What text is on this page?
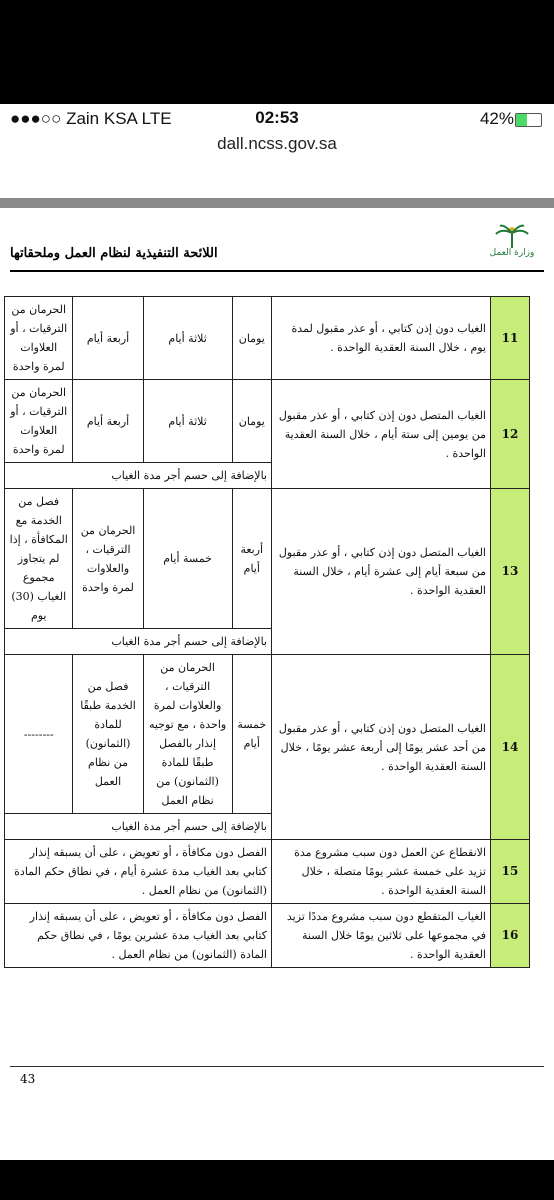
●●●○○ Zain KSA LTE	02:53	42%
dall.ncss.gov.sa
اللائحة التنفيذية لنظام العمل وملحقاتها	وزارة العمل
11	الغياب دون إذن كتابي ، أو عذر مقبول لمدة يوم ، خلال السنة العقدية الواحدة .	يومان	ثلاثة أيام	أربعة أيام	الحرمان من الترقيات ، أو العلاوات لمرة واحدة
12	الغياب المتصل دون إذن كتابي ، أو عذر مقبول من يومين إلى ستة أيام ، خلال السنة العقدية الواحدة .	يومان	ثلاثة أيام	أربعة أيام	الحرمان من الترقيات ، أو العلاوات لمرة واحدة
		بالإضافة إلى حسم أجر مدة الغياب			
13	الغياب المتصل دون إذن كتابي ، أو عذر مقبول من سبعة أيام إلى عشرة أيام ، خلال السنة العقدية الواحدة .	أربعة أيام	خمسة أيام	الحرمان من الترقيات ، والعلاوات لمرة واحدة	فصل من الخدمة مع المكافأة ، إذا لم يتجاوز مجموع الغياب (30) يوم
		بالإضافة إلى حسم أجر مدة الغياب			
14	الغياب المتصل دون إذن كتابي ، أو عذر مقبول من أحد عشر يومًا إلى أربعة عشر يومًا ، خلال السنة العقدية الواحدة .	خمسة أيام	الحرمان من الترقيات ، والعلاوات لمرة واحدة ، مع توجيه إنذار بالفصل طبقًا للمادة (الثمانون) من نظام العمل	فصل من الخدمة طبقًا للمادة (الثمانون) من نظام العمل	--------
		بالإضافة إلى حسم أجر مدة الغياب			
15	الانقطاع عن العمل دون سبب مشروع مدة تزيد على خمسة عشر يومًا متصلة ، خلال السنة العقدية الواحدة .	الفصل دون مكافأة ، أو تعويض ، على أن يسبقه إنذار كتابي بعد الغياب مدة عشرة أيام ، في نطاق حكم المادة (الثمانون) من نظام العمل .			
16	الغياب المتقطع دون سبب مشروع مددًا تزيد في مجموعها على ثلاثين يومًا خلال السنة العقدية الواحدة .	الفصل دون مكافأة ، أو تعويض ، على أن يسبقه إنذار كتابي بعد الغياب مدة عشرين يومًا ، في نطاق حكم المادة (الثمانون) من نظام العمل .			
43
